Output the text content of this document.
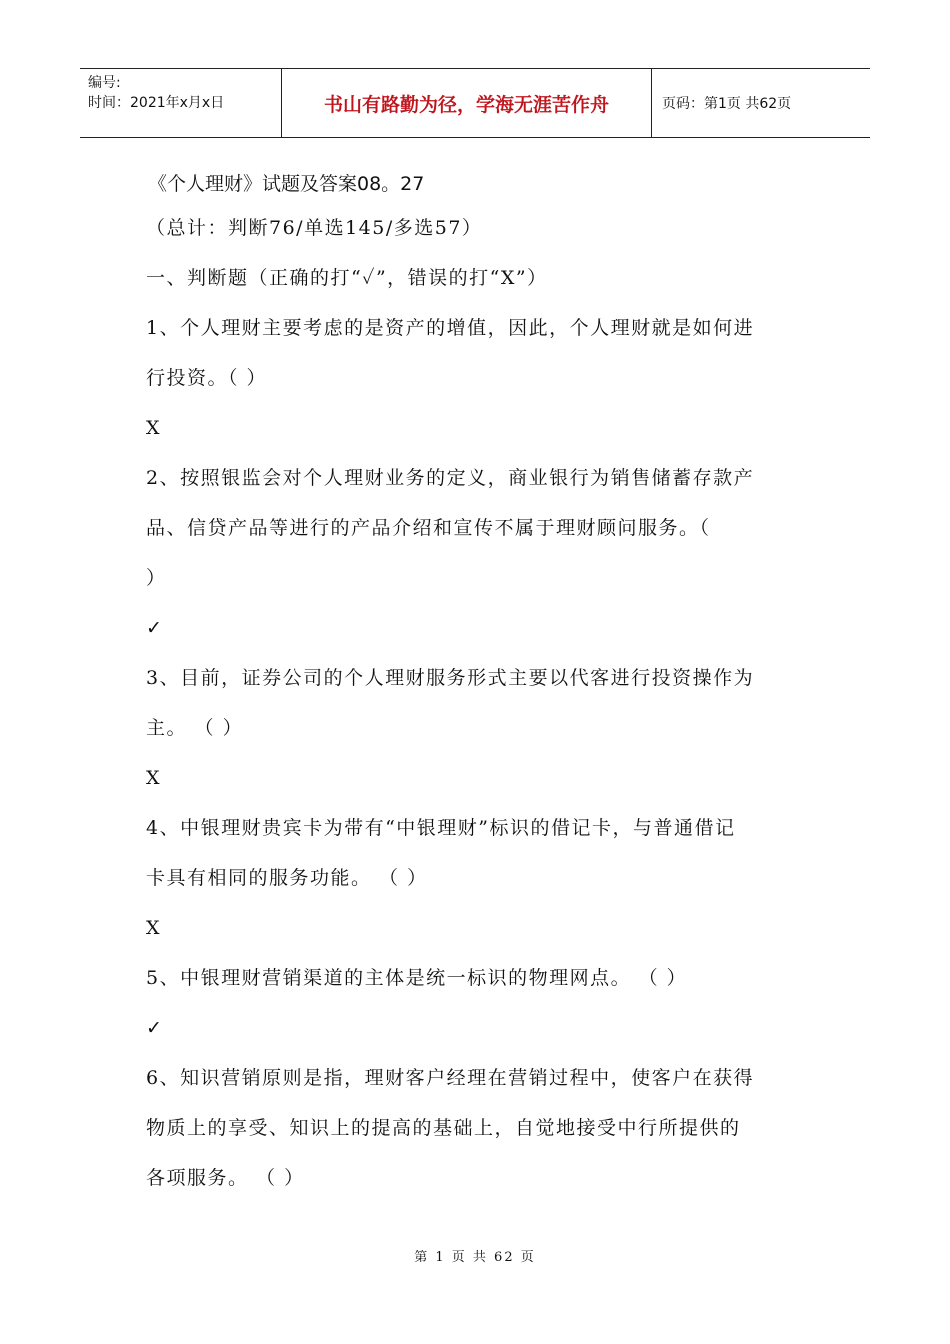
编号:
时间：2021年x月x日	书山有路勤为径，学海无涯苦作舟	页码：第1页 共62页
《个人理财》试题及答案08。27
（总计：判断76/单选145/多选57）
一、判断题（正确的打“✓”，错误的打“X”）
1、个人理财主要考虑的是资产的增值，因此，个人理财就是如何进
行投资。（ ）
X
2、按照银监会对个人理财业务的定义，商业银行为销售储蓄存款产
品、信贷产品等进行的产品介绍和宣传不属于理财顾问服务。（
）
✓
3、目前，证券公司的个人理财服务形式主要以代客进行投资操作为
主。 （ ）
X
4、中银理财贵宾卡为带有“中银理财”标识的借记卡，与普通借记
卡具有相同的服务功能。 （ ）
X
5、中银理财营销渠道的主体是统一标识的物理网点。 （ ）
✓
6、知识营销原则是指，理财客户经理在营销过程中，使客户在获得
物质上的享受、知识上的提高的基础上，自觉地接受中行所提供的
各项服务。 （ ）
第 1 页 共 62 页
